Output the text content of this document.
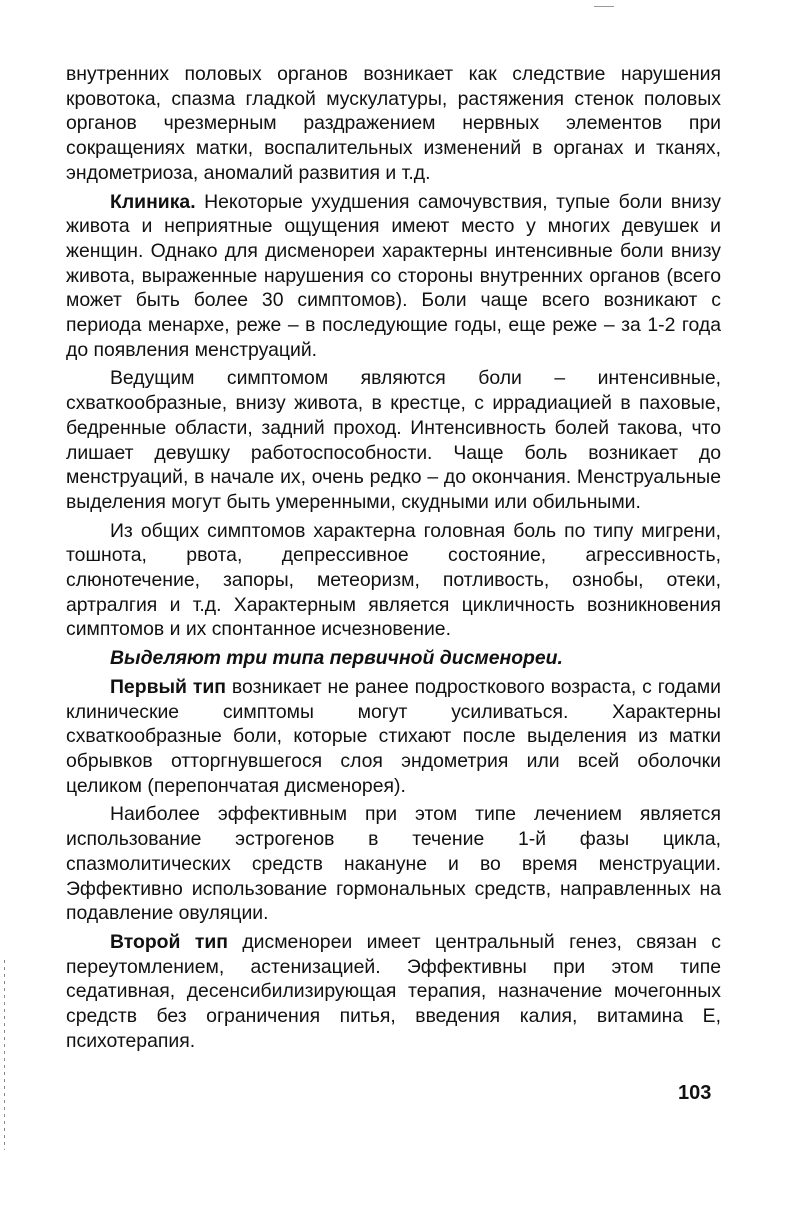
внутренних половых органов возникает как следствие нарушения кровотока, спазма гладкой мускулатуры, растяжения стенок половых органов чрезмерным раздражением нервных элементов при сокращениях матки, воспалительных изменений в органах и тканях, эндометриоза, аномалий развития и т.д.

Клиника. Некоторые ухудшения самочувствия, тупые боли внизу живота и неприятные ощущения имеют место у многих девушек и женщин. Однако для дисменореи характерны интенсивные боли внизу живота, выраженные нарушения со стороны внутренних органов (всего может быть более 30 симптомов). Боли чаще всего возникают с периода менархе, реже – в последующие годы, еще реже – за 1-2 года до появления менструаций.

Ведущим симптомом являются боли – интенсивные, схваткообразные, внизу живота, в крестце, с иррадиацией в паховые, бедренные области, задний проход. Интенсивность болей такова, что лишает девушку работоспособности. Чаще боль возникает до менструаций, в начале их, очень редко – до окончания. Менструальные выделения могут быть умеренными, скудными или обильными.

Из общих симптомов характерна головная боль по типу мигрени, тошнота, рвота, депрессивное состояние, агрессивность, слюнотечение, запоры, метеоризм, потливость, ознобы, отеки, артралгия и т.д. Характерным является цикличность возникновения симптомов и их спонтанное исчезновение.

Выделяют три типа первичной дисменореи.

Первый тип возникает не ранее подросткового возраста, с годами клинические симптомы могут усиливаться. Характерны схваткообразные боли, которые стихают после выделения из матки обрывков отторгнувшегося слоя эндометрия или всей оболочки целиком (перепончатая дисменорея).

Наиболее эффективным при этом типе лечением является использование эстрогенов в течение 1-й фазы цикла, спазмолитических средств накануне и во время менструации. Эффективно использование гормональных средств, направленных на подавление овуляции.

Второй тип дисменореи имеет центральный генез, связан с переутомлением, астенизацией. Эффективны при этом типе седативная, десенсибилизирующая терапия, назначение мочегонных средств без ограничения питья, введения калия, витамина Е, психотерапия.

103
